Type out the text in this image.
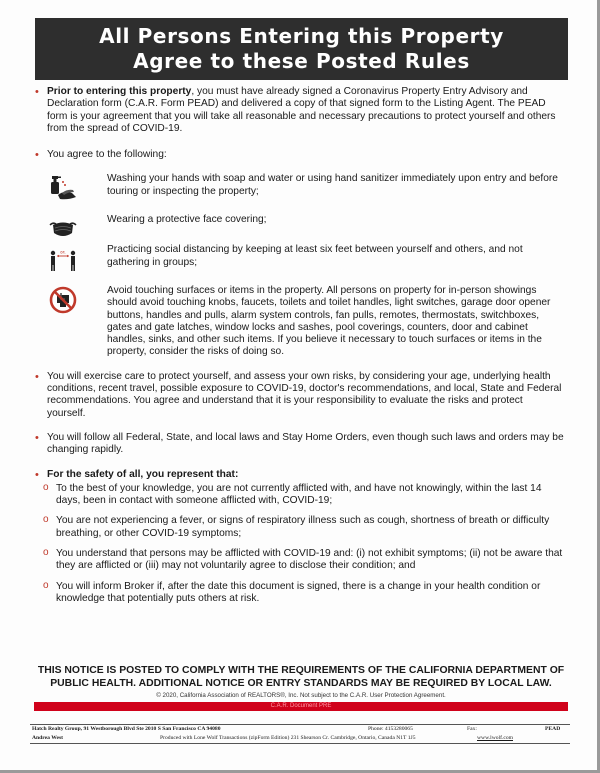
All Persons Entering this Property
Agree to these Posted Rules
• Prior to entering this property, you must have already signed a Coronavirus Property Entry Advisory and Declaration form (C.A.R. Form PEAD) and delivered a copy of that signed form to the Listing Agent. The PEAD form is your agreement that you will take all reasonable and necessary precautions to protect yourself and others from the spread of COVID-19.
• You agree to the following:
Washing your hands with soap and water or using hand sanitizer immediately upon entry and before touring or inspecting the property;
Wearing a protective face covering;
6ft.	Practicing social distancing by keeping at least six feet between yourself and others, and not gathering in groups;
Avoid touching surfaces or items in the property. All persons on property for in-person showings should avoid touching knobs, faucets, toilets and toilet handles, light switches, garage door opener buttons, handles and pulls, alarm system controls, fan pulls, remotes, thermostats, switchboxes, gates and gate latches, window locks and sashes, pool coverings, counters, door and cabinet handles, sinks, and other such items. If you believe it necessary to touch surfaces or items in the property, consider the risks of doing so.
• You will exercise care to protect yourself, and assess your own risks, by considering your age, underlying health conditions, recent travel, possible exposure to COVID-19, doctor's recommendations, and local, State and Federal recommendations. You agree and understand that it is your responsibility to evaluate the risks and protect yourself.
• You will follow all Federal, State, and local laws and Stay Home Orders, even though such laws and orders may be changing rapidly.
• For the safety of all, you represent that:
o To the best of your knowledge, you are not currently afflicted with, and have not knowingly, within the last 14 days, been in contact with someone afflicted with, COVID-19;
o You are not experiencing a fever, or signs of respiratory illness such as cough, shortness of breath or difficulty breathing, or other COVID-19 symptoms;
o You understand that persons may be afflicted with COVID-19 and: (i) not exhibit symptoms; (ii) not be aware that they are afflicted or (iii) may not voluntarily agree to disclose their condition; and
o You will inform Broker if, after the date this document is signed, there is a change in your health condition or knowledge that potentially puts others at risk.
THIS NOTICE IS POSTED TO COMPLY WITH THE REQUIREMENTS OF THE CALIFORNIA DEPARTMENT OF
PUBLIC HEALTH. ADDITIONAL NOTICE OR ENTRY STANDARDS MAY BE REQUIRED BY LOCAL LAW.
© 2020, California Association of REALTORS®, Inc. Not subject to the C.A.R. User Protection Agreement.
C.A.R. Document PRE
Hatch Realty Group, 91 Westborough Blvd Ste 2010 S San Francisco CA 94080	Phone: 4153280065	Fax:	PEAD
Andrea West	Produced with Lone Wolf Transactions (zipForm Edition) 231 Shearson Cr. Cambridge, Ontario, Canada N1T 1J5	www.lwolf.com
